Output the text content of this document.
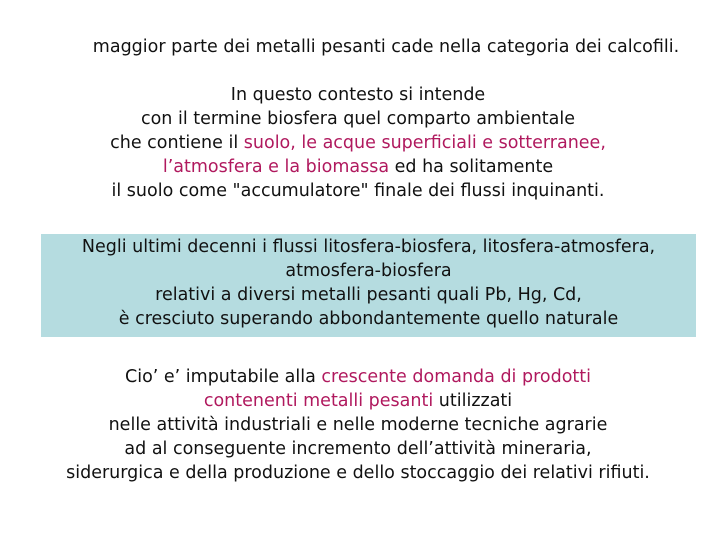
maggior parte dei metalli pesanti cade nella categoria dei calcofili.
In questo contesto si intende
con il termine biosfera quel comparto ambientale
che contiene il suolo, le acque superficiali e sotterranee,
l’atmosfera e la biomassa ed ha solitamente
il suolo come "accumulatore" finale dei flussi inquinanti.
Negli ultimi decenni i flussi litosfera-biosfera, litosfera-atmosfera,
atmosfera-biosfera
relativi a diversi metalli pesanti quali Pb, Hg, Cd,
è cresciuto superando abbondantemente quello naturale
Cio’ e’ imputabile alla crescente domanda di prodotti
contenenti metalli pesanti utilizzati
nelle attività industriali e nelle moderne tecniche agrarie
ad al conseguente incremento dell’attività mineraria,
siderurgica e della produzione e dello stoccaggio dei relativi rifiuti.
